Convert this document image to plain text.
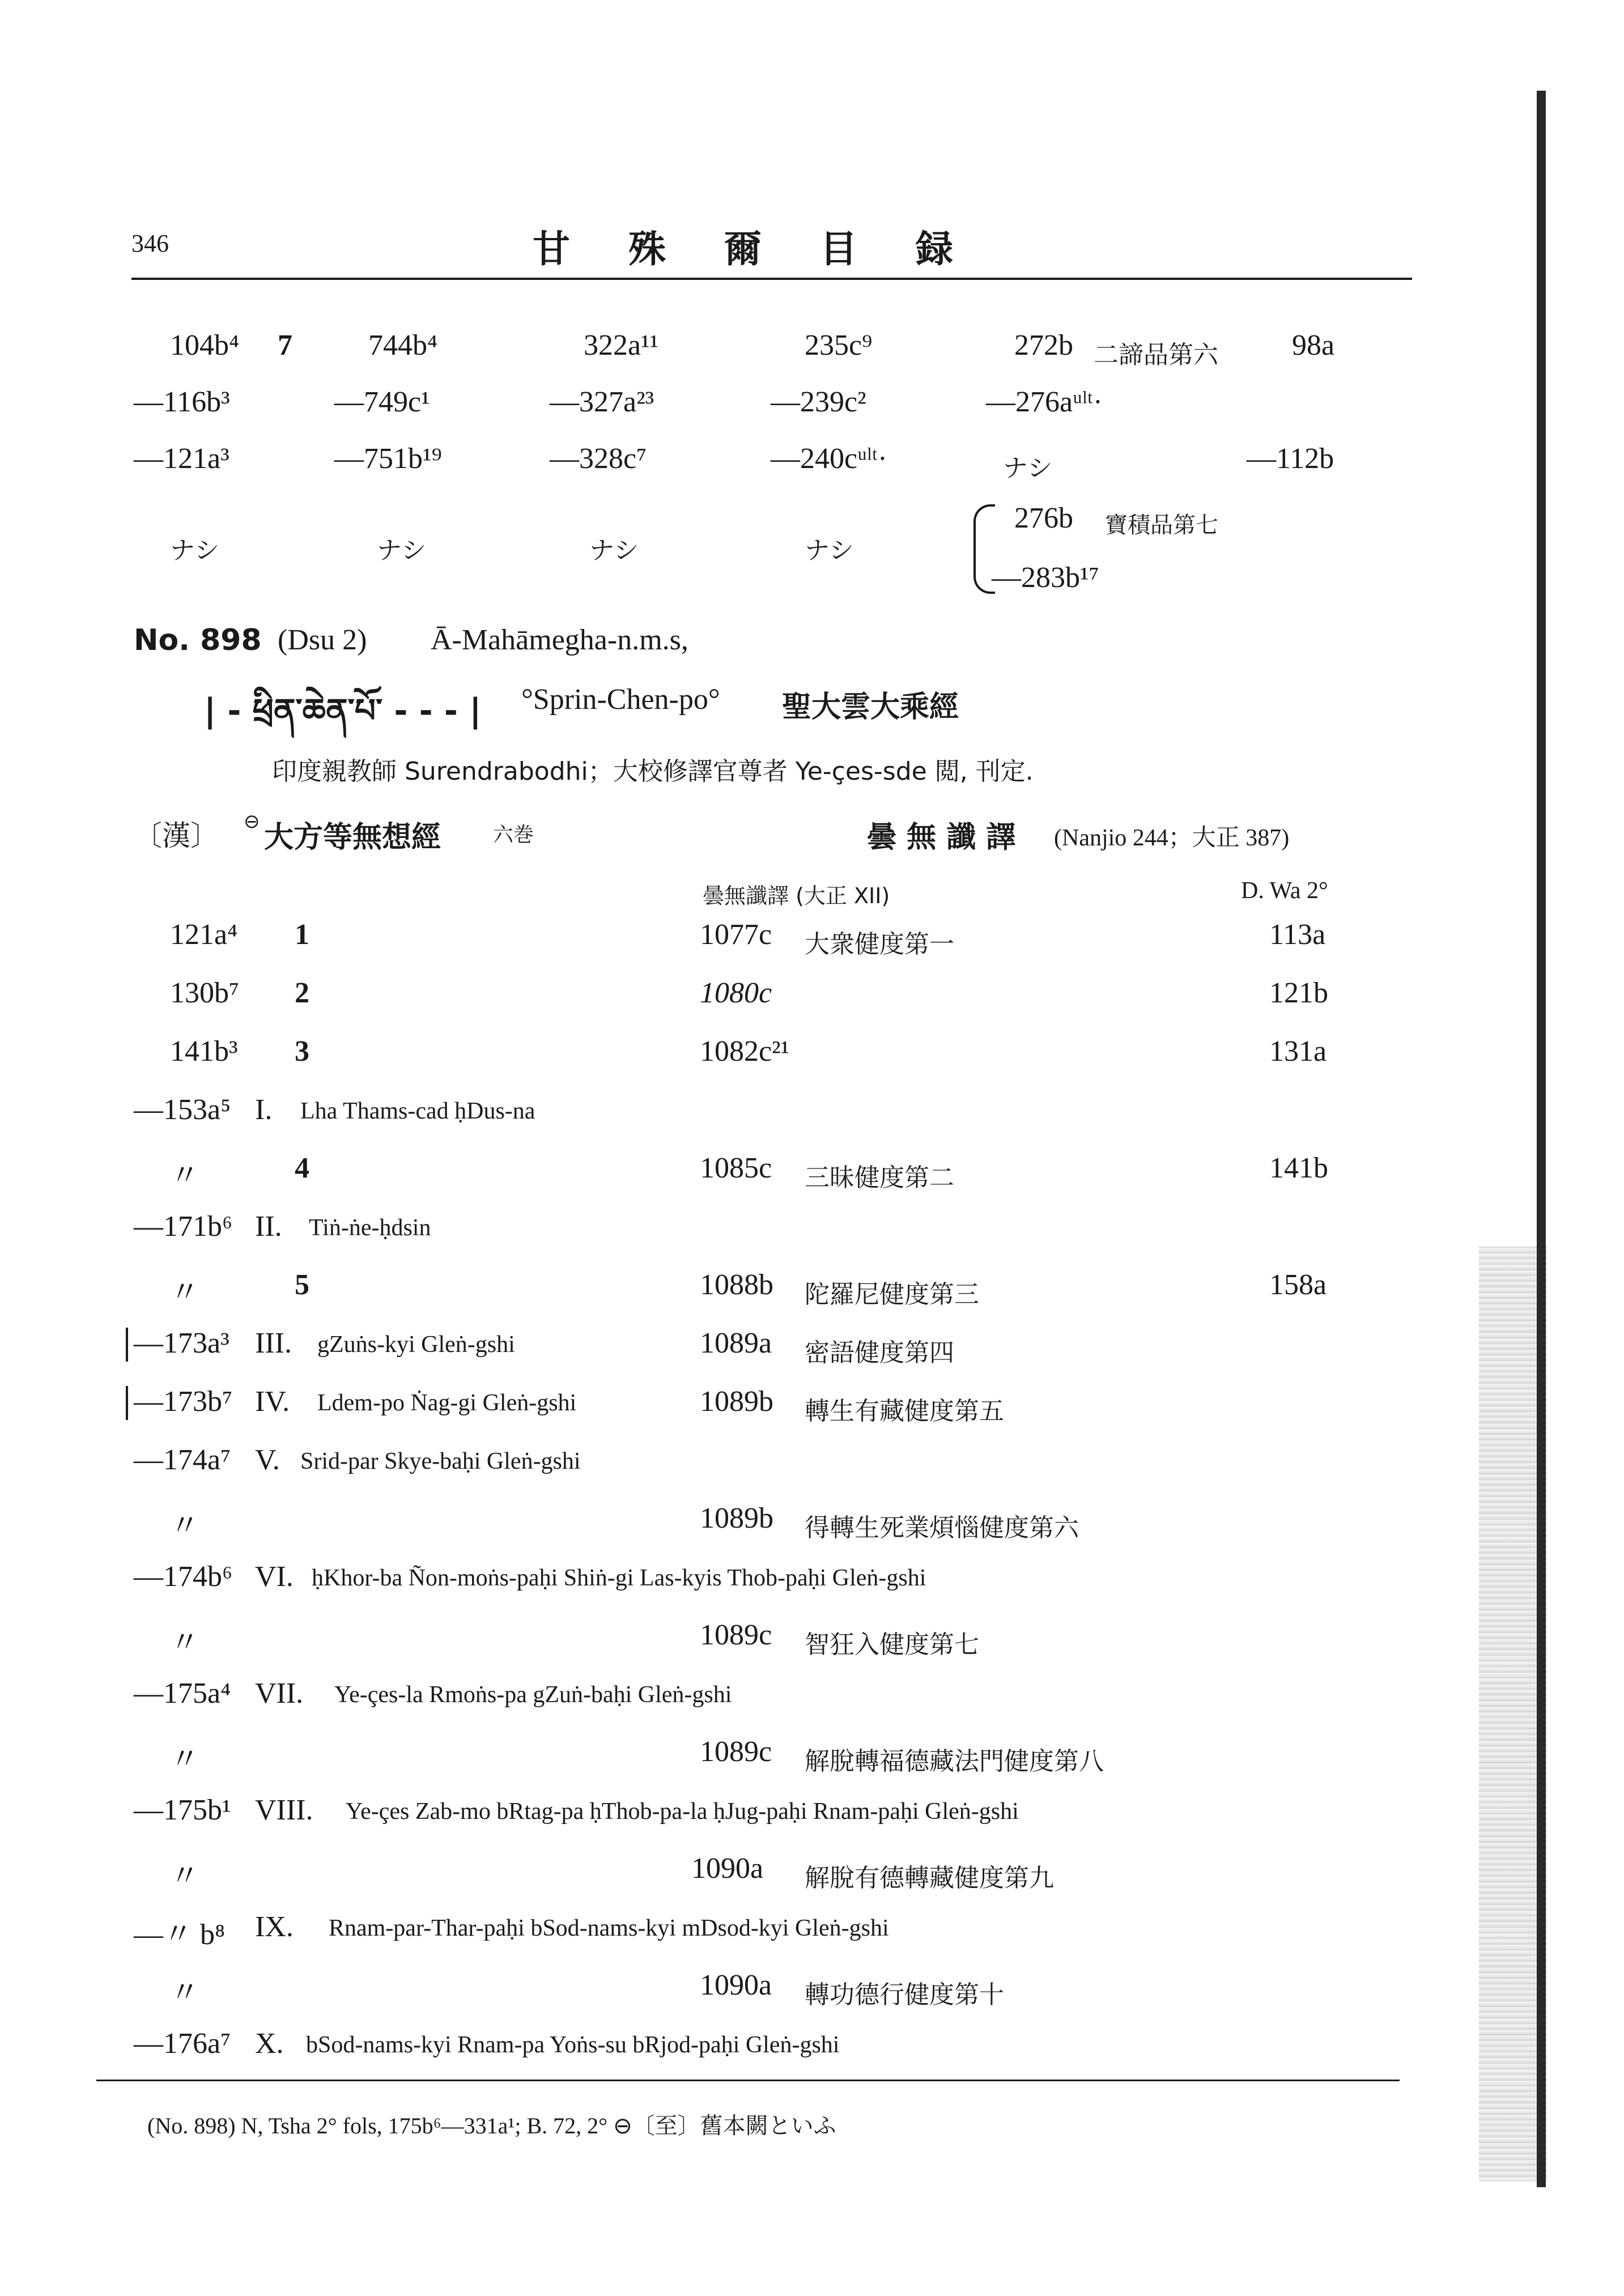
346	甘 殊 爾 目 録
104b⁴ 7	744b⁴	322a¹¹	235c⁹	272b 二諦品第六	98a
—116b³	—749c¹	—327a²³	—239c²	—276aᵘˡᵗ·
—121a³	—751b¹⁹	—328c⁷	—240cᵘˡᵗ·	ナシ	—112b
ナシ	ナシ	ナシ	ナシ
276b 寶積品第七
—283b¹⁷
No. 898 (Dsu 2) Ā-Mahāmegha-n.m.s,
| - ཕྲིན་ཆེན་པོ་ - - - | °Sprin-Chen-po° 聖大雲大乘經
印度親教師 Surendrabodhi；大校修譯官尊者 Ye-çes-sde 閲, 刊定.
〔漢〕 ⊖ 大方等無想經	六巻	曇 無 讖 譯 (Nanjio 244；大正 387)
曇無讖譯 (大正 XII)	D. Wa 2°
121a⁴ 1	1077c 大衆健度第一	113a
130b⁷ 2	1080c	121b
141b³ 3	1082c²¹	131a
—153a⁵ I. Lha Thams-cad ḥDus-na
〃	4	1085c 三昧健度第二	141b
—171b⁶ II. Tiṅ-ṅe-ḥdsin
〃	5	1088b 陀羅尼健度第三	158a
—173a³ III. gZuṅs-kyi Gleṅ-gshi	1089a 密語健度第四
—173b⁷ IV. Ldem-po Ṅag-gi Gleṅ-gshi	1089b 轉生有藏健度第五
—174a⁷ V. Srid-par Skye-baḥi Gleṅ-gshi
〃	1089b 得轉生死業煩惱健度第六
—174b⁶ VI. ḥKhor-ba Ñon-moṅs-paḥi Shiṅ-gi Las-kyis Thob-paḥi Gleṅ-gshi
〃	1089c 智狂入健度第七
—175a⁴ VII. Ye-çes-la Rmoṅs-pa gZuṅ-baḥi Gleṅ-gshi
〃	1089c 解脫轉福德藏法門健度第八
—175b¹ VIII. Ye-çes Zab-mo bRtag-pa ḥThob-pa-la ḥJug-paḥi Rnam-paḥi Gleṅ-gshi
〃	1090a 解脫有德轉藏健度第九
—〃 b⁸ IX. Rnam-par-Thar-paḥi bSod-nams-kyi mDsod-kyi Gleṅ-gshi
〃	1090a 轉功德行健度第十
—176a⁷ X. bSod-nams-kyi Rnam-pa Yoṅs-su bRjod-paḥi Gleṅ-gshi
(No. 898) N, Tsha 2° fols, 175b⁶—331a¹; B. 72, 2° ⊖〔至〕舊本闕といふ
